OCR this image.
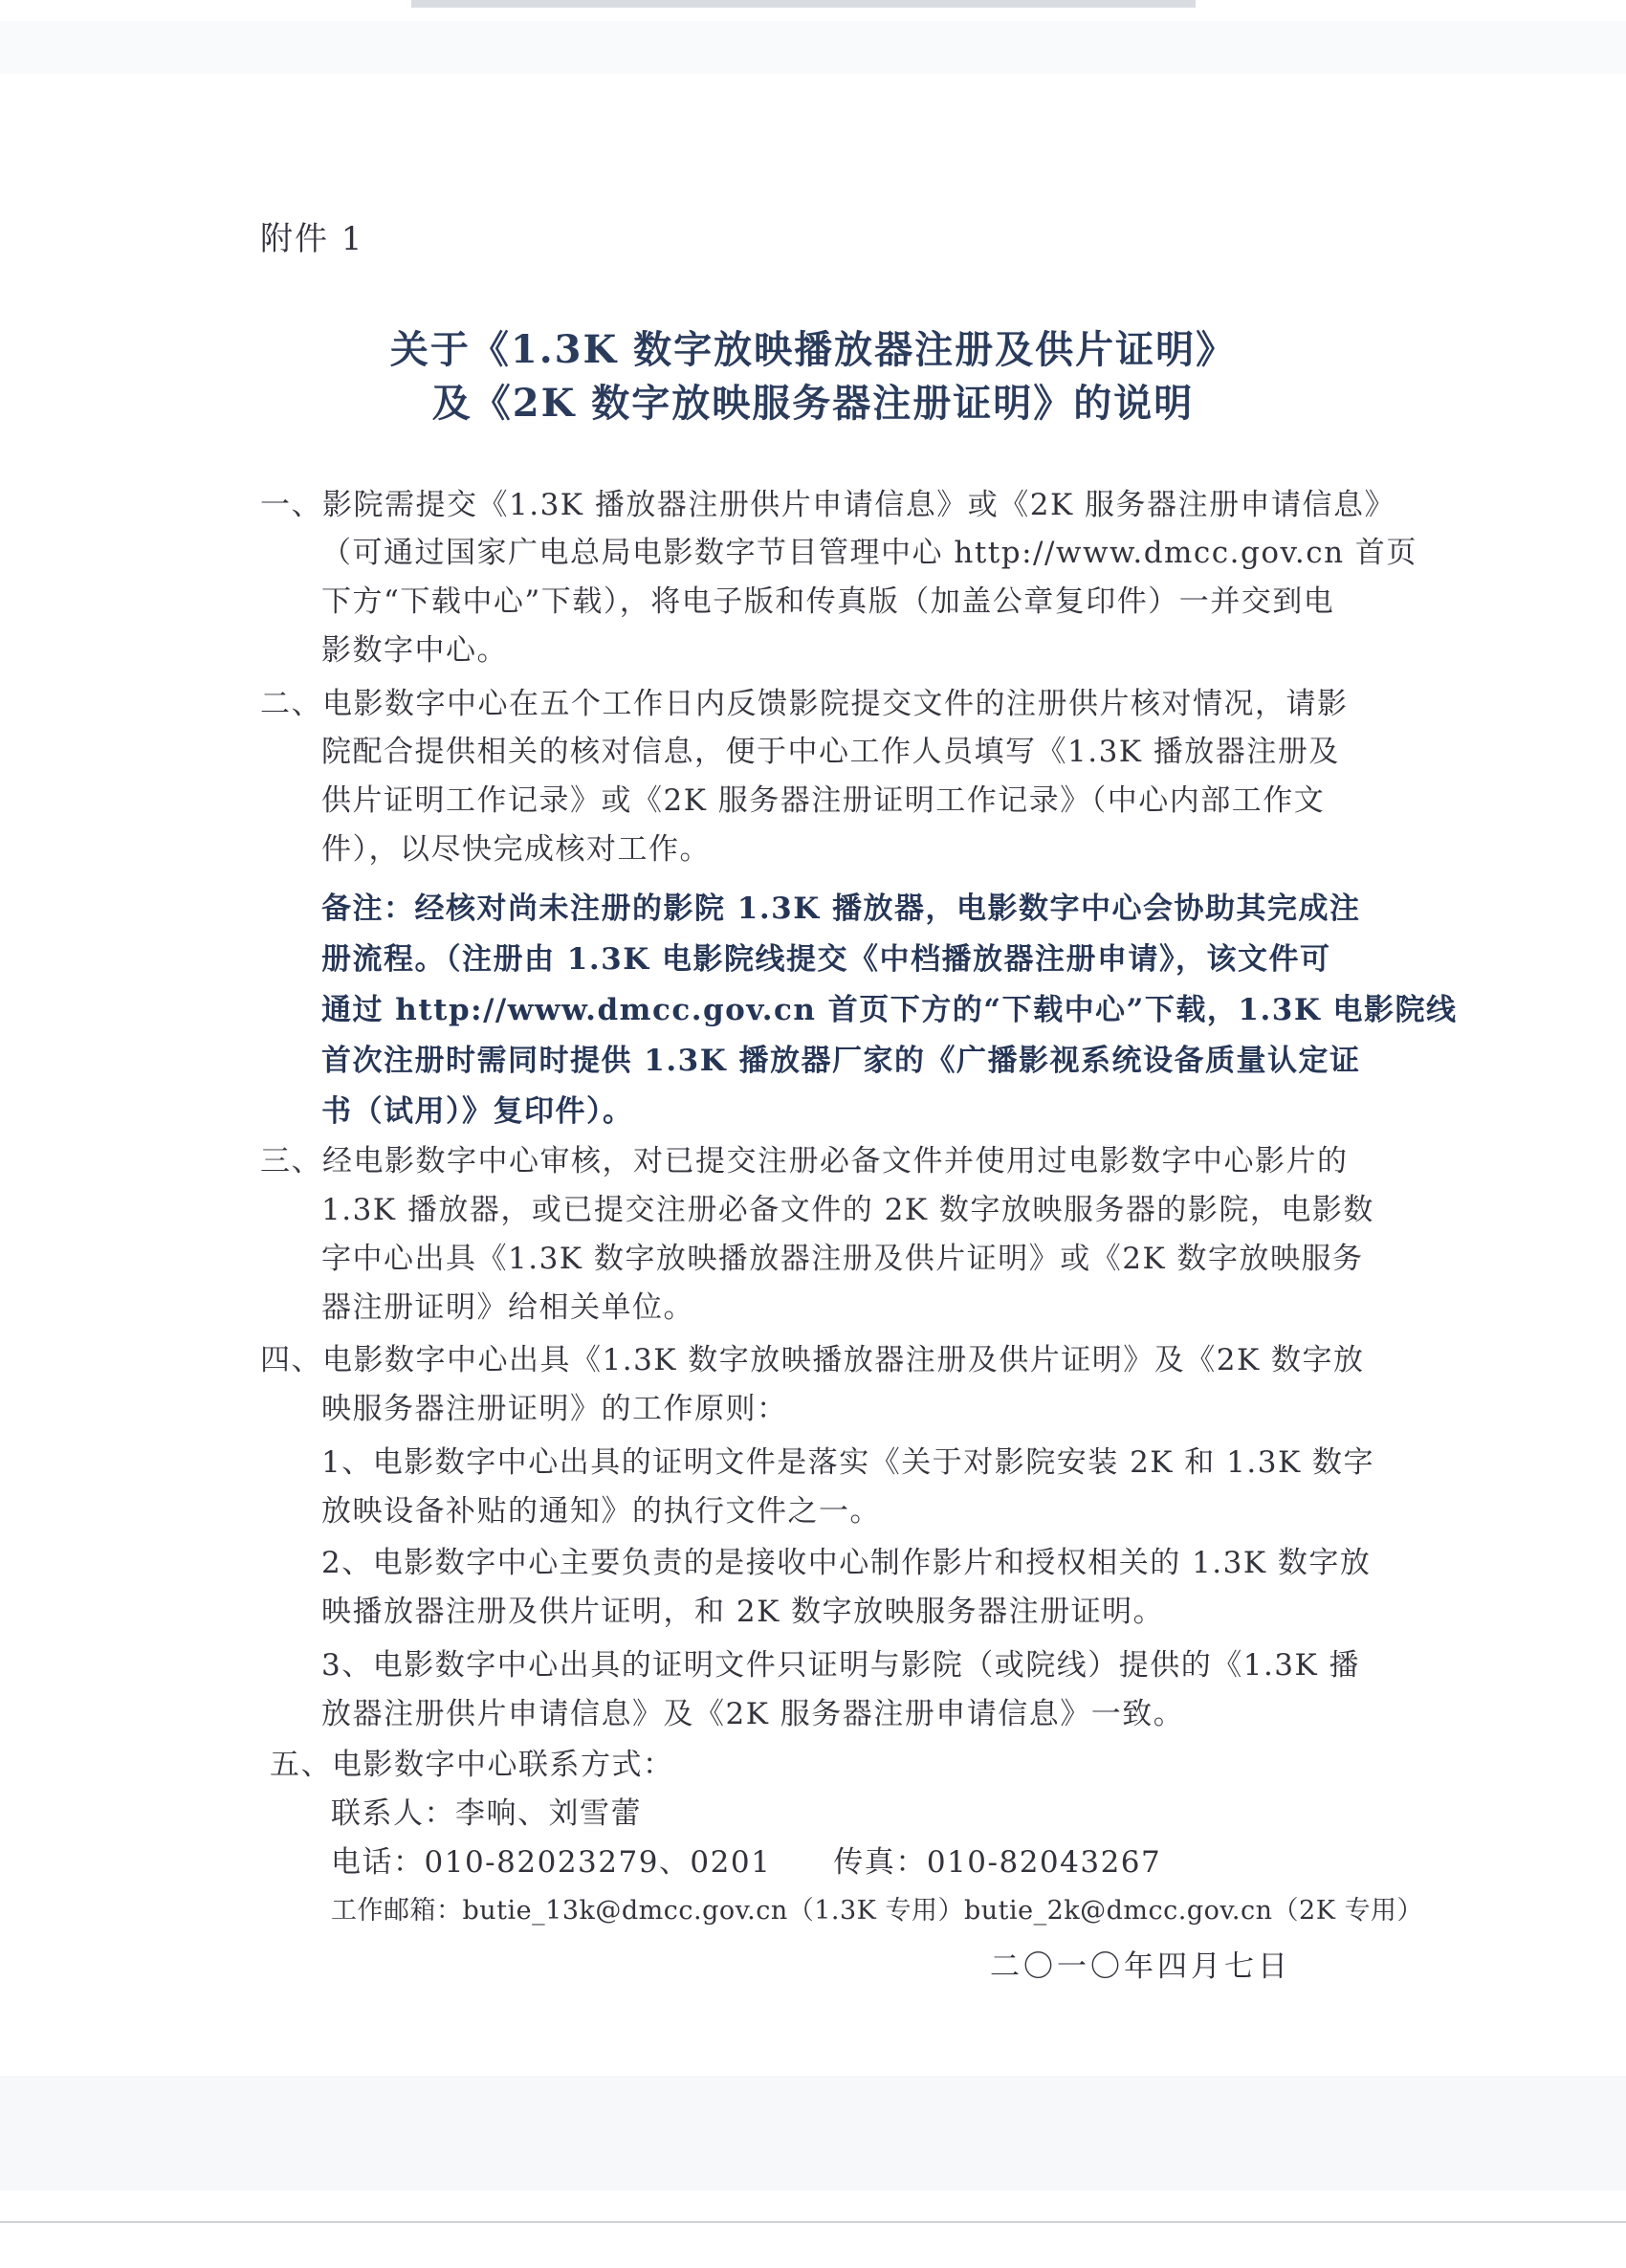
附件 1
关于《1.3K 数字放映播放器注册及供片证明》
及《2K 数字放映服务器注册证明》的说明
一、影院需提交《1.3K 播放器注册供片申请信息》或《2K 服务器注册申请信息》
（可通过国家广电总局电影数字节目管理中心 http://www.dmcc.gov.cn 首页
下方“下载中心”下载），将电子版和传真版（加盖公章复印件）一并交到电
影数字中心。
二、电影数字中心在五个工作日内反馈影院提交文件的注册供片核对情况，请影
院配合提供相关的核对信息，便于中心工作人员填写《1.3K 播放器注册及
供片证明工作记录》或《2K 服务器注册证明工作记录》（中心内部工作文
件），以尽快完成核对工作。
备注：经核对尚未注册的影院 1.3K 播放器，电影数字中心会协助其完成注
册流程。（注册由 1.3K 电影院线提交《中档播放器注册申请》，该文件可
通过 http://www.dmcc.gov.cn 首页下方的“下载中心”下载，1.3K 电影院线
首次注册时需同时提供 1.3K 播放器厂家的《广播影视系统设备质量认定证
书（试用）》复印件）。
三、经电影数字中心审核，对已提交注册必备文件并使用过电影数字中心影片的
1.3K 播放器，或已提交注册必备文件的 2K 数字放映服务器的影院，电影数
字中心出具《1.3K 数字放映播放器注册及供片证明》或《2K 数字放映服务
器注册证明》给相关单位。
四、电影数字中心出具《1.3K 数字放映播放器注册及供片证明》及《2K 数字放
映服务器注册证明》的工作原则：
1、电影数字中心出具的证明文件是落实《关于对影院安装 2K 和 1.3K 数字
放映设备补贴的通知》的执行文件之一。
2、电影数字中心主要负责的是接收中心制作影片和授权相关的 1.3K 数字放
映播放器注册及供片证明，和 2K 数字放映服务器注册证明。
3、电影数字中心出具的证明文件只证明与影院（或院线）提供的《1.3K 播
放器注册供片申请信息》及《2K 服务器注册申请信息》一致。
五、电影数字中心联系方式：
联系人：李响、刘雪蕾
电话：010-82023279、0201　　传真：010-82043267
工作邮箱：butie_13k@dmcc.gov.cn（1.3K 专用）butie_2k@dmcc.gov.cn（2K 专用）
二〇一〇年四月七日
